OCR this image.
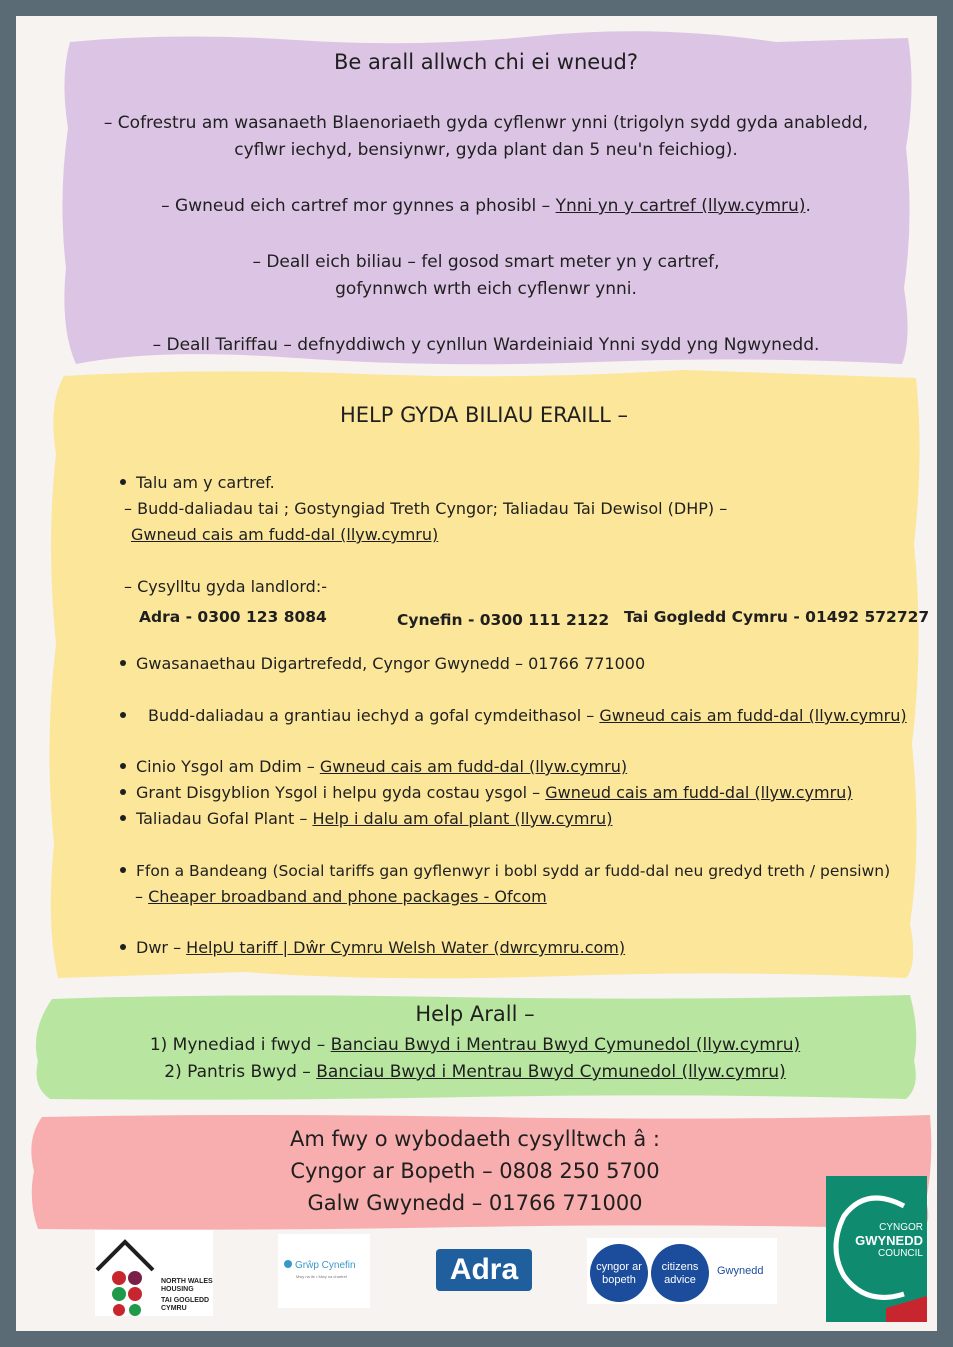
Be arall allwch chi ei wneud?
– Cofrestru am wasanaeth Blaenoriaeth gyda cyflenwr ynni (trigolyn sydd gyda anabledd,
cyflwr iechyd, bensiynwr, gyda plant dan 5 neu'n feichiog).
– Gwneud eich cartref mor gynnes a phosibl – Ynni yn y cartref (llyw.cymru).
– Deall eich biliau – fel gosod smart meter yn y cartref,
gofynnwch wrth eich cyflenwr ynni.
– Deall Tariffau – defnyddiwch y cynllun Wardeiniaid Ynni sydd yng Ngwynedd.
HELP GYDA BILIAU ERAILL –
Talu am y cartref.
– Budd-daliadau tai ; Gostyngiad Treth Cyngor; Taliadau Tai Dewisol (DHP) –
Gwneud cais am fudd-dal (llyw.cymru)
– Cysylltu gyda landlord:-
Adra - 0300 123 8084	Cynefin - 0300 111 2122 Tai Gogledd Cymru - 01492 572727
Gwasanaethau Digartrefedd, Cyngor Gwynedd – 01766 771000
Budd-daliadau a grantiau iechyd a gofal cymdeithasol – Gwneud cais am fudd-dal (llyw.cymru)
Cinio Ysgol am Ddim – Gwneud cais am fudd-dal (llyw.cymru)
Grant Disgyblion Ysgol i helpu gyda costau ysgol – Gwneud cais am fudd-dal (llyw.cymru)
Taliadau Gofal Plant – Help i dalu am ofal plant (llyw.cymru)
Ffon a Bandeang (Social tariffs gan gyflenwyr i bobl sydd ar fudd-dal neu gredyd treth / pensiwn)
– Cheaper broadband and phone packages - Ofcom
Dwr – HelpU tariff | Dŵr Cymru Welsh Water (dwrcymru.com)
Help Arall –
1) Mynediad i fwyd – Banciau Bwyd i Mentrau Bwyd Cymunedol (llyw.cymru)
2) Pantris Bwyd – Banciau Bwyd i Mentrau Bwyd Cymunedol (llyw.cymru)
Am fwy o wybodaeth cysylltwch â :
Cyngor ar Bopeth – 0808 250 5700
Galw Gwynedd – 01766 771000
NORTH WALES
HOUSING
TAI GOGLEDD
CYMRU
Grŵp Cynefin
Mwy na lle • Mwy na chartref	Adra	cyngor ar
bopeth
citizens
advice
Gwynedd
CYNGOR
GWYNEDD
COUNCIL
